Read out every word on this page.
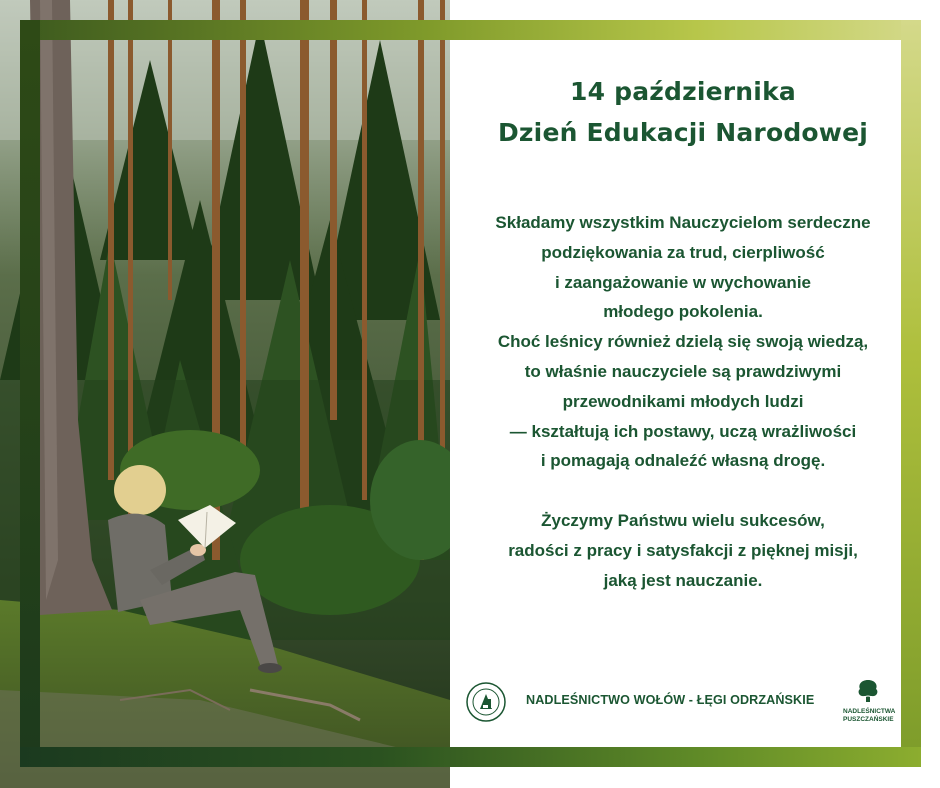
14 października
Dzień Edukacji Narodowej
Składamy wszystkim Nauczycielom serdeczne
podziękowania za trud, cierpliwość
i zaangażowanie w wychowanie
młodego pokolenia.
Choć leśnicy również dzielą się swoją wiedzą,
to właśnie nauczyciele są prawdziwymi
przewodnikami młodych ludzi
— kształtują ich postawy, uczą wrażliwości
i pomagają odnaleźć własną drogę.
Życzymy Państwu wielu sukcesów,
radości z pracy i satysfakcji z pięknej misji,
jaką jest nauczanie.
NADLEŚNICTWO WOŁÓW - ŁĘGI ODRZAŃSKIE
NADLEŚNICTWA
PUSZCZAŃSKIE
